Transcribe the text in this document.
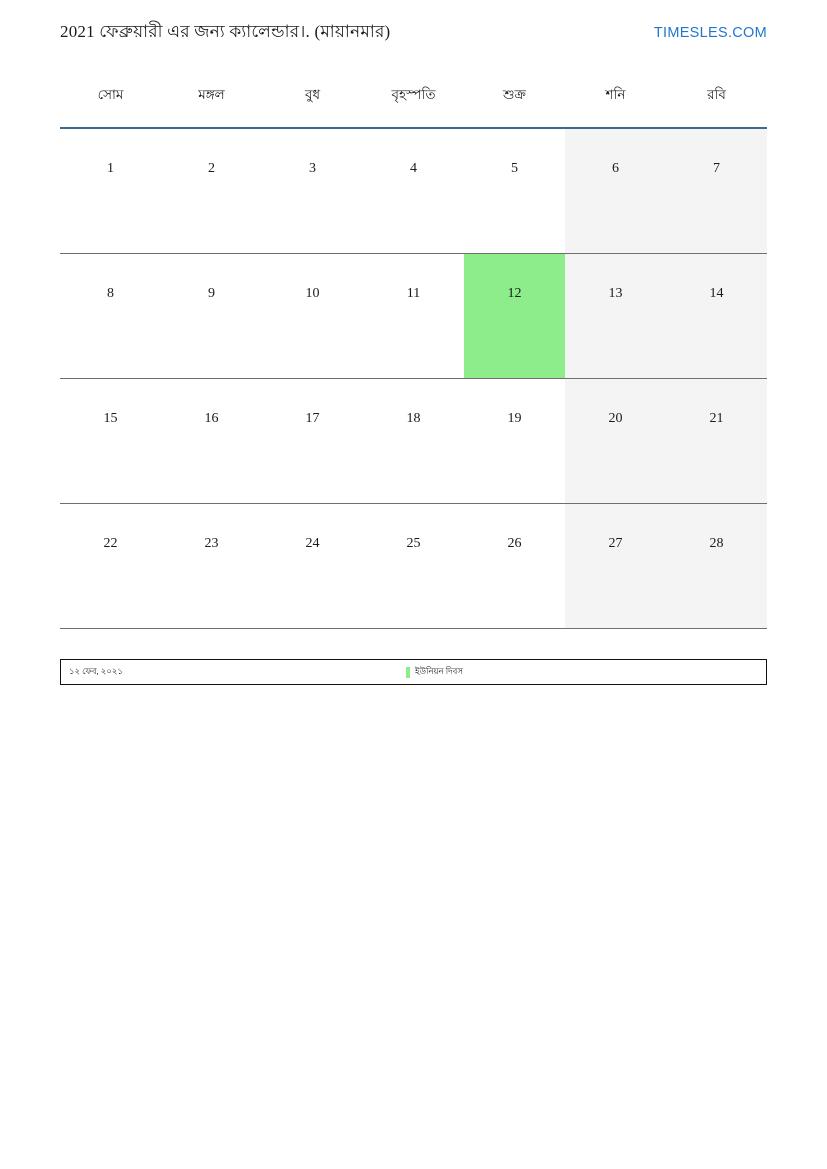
2021 ফেব্রুয়ারী এর জন্য ক্যালেন্ডার।. (মায়ানমার)	TIMESLES.COM
সোম	মঙ্গল	বুধ	বৃহস্পতি	শুক্র	শনি	রবি
1	2	3	4	5	6	7
8	9	10	11	12	13	14
15	16	17	18	19	20	21
22	23	24	25	26	27	28
১২ ফেব, ২০২১	ইউনিয়ন দিবস
